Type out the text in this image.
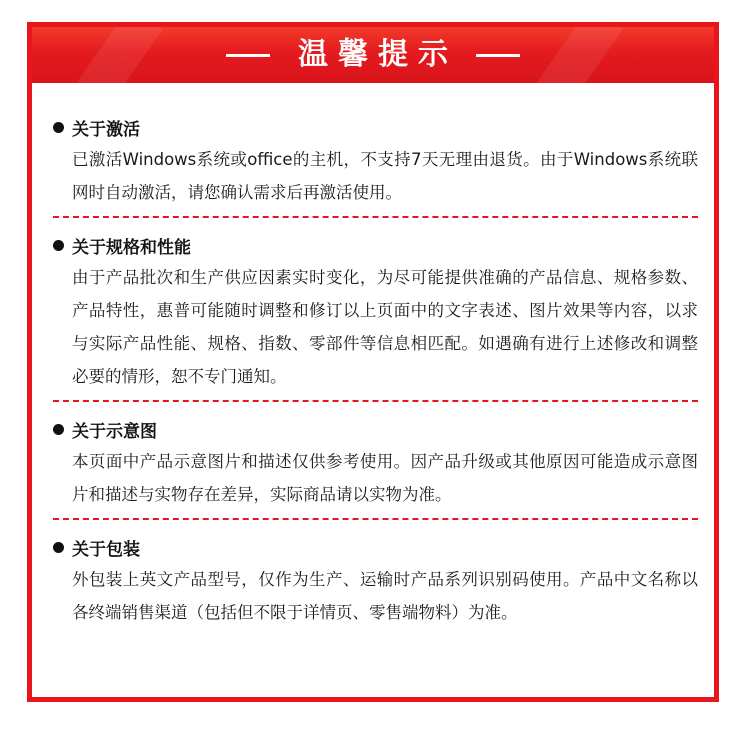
温馨提示
关于激活
已激活Windows系统或office的主机，不支持7天无理由退货。由于Windows系统联网时自动激活，请您确认需求后再激活使用。
关于规格和性能
由于产品批次和生产供应因素实时变化，为尽可能提供准确的产品信息、规格参数、产品特性，惠普可能随时调整和修订以上页面中的文字表述、图片效果等内容，以求与实际产品性能、规格、指数、零部件等信息相匹配。如遇确有进行上述修改和调整必要的情形，恕不专门通知。
关于示意图
本页面中产品示意图片和描述仅供参考使用。因产品升级或其他原因可能造成示意图片和描述与实物存在差异，实际商品请以实物为准。
关于包装
外包装上英文产品型号，仅作为生产、运输时产品系列识别码使用。产品中文名称以各终端销售渠道（包括但不限于详情页、零售端物料）为准。
